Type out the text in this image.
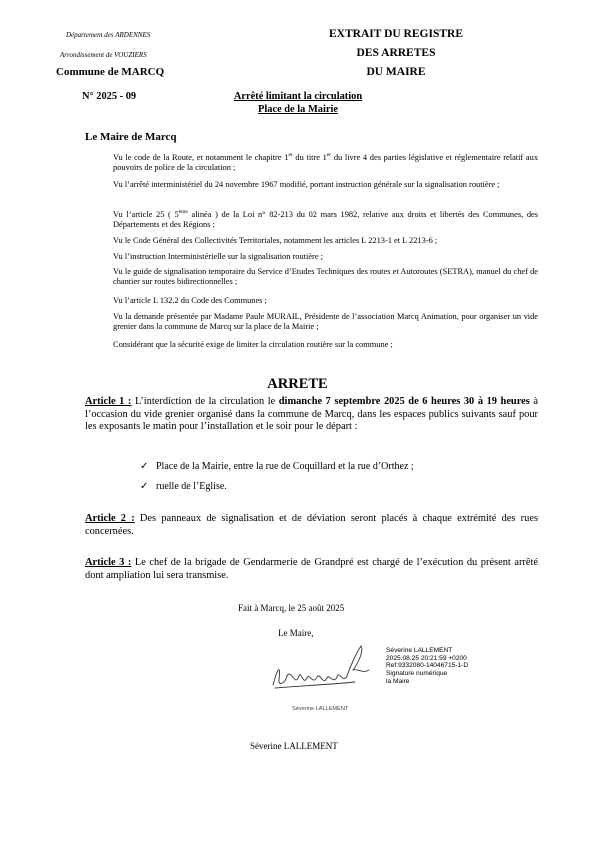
Département des ARDENNES
Arrondissement de VOUZIERS
Commune de MARCQ
EXTRAIT DU REGISTRE
DES ARRETES
DU MAIRE
N° 2025 - 09	Arrêté limitant la circulation
Place de la Mairie
Le Maire de Marcq
Vu le code de la Route, et notamment le chapitre 1er du titre 1er du livre 4 des parties législative et réglementaire relatif aux pouvoirs de police de la circulation ;
Vu l’arrêté interministériel du 24 novembre 1967 modifié, portant instruction générale sur la signalisation routière ;
Vu l’article 25 ( 5ème alinéa ) de la Loi n° 82-213 du 02 mars 1982, relative aux droits et libertés des Communes, des Départements et des Régions ;
Vu le Code Général des Collectivités Territoriales, notamment les articles L 2213-1 et L 2213-6 ;
Vu l’instruction Interministérielle sur la signalisation routière ;
Vu le guide de signalisation temporaire du Service d’Etudes Techniques des routes et Autoroutes (SETRA), manuel du chef de chantier sur routes bidirectionnelles ;
Vu l’article L 132.2 du Code des Communes ;
Vu la demande présentée par Madame Paule MURAIL, Présidente de l’association Marcq Animation, pour organiser un vide grenier dans la commune de Marcq sur la place de la Mairie ;
Considérant que la sécurité exige de limiter la circulation routière sur la commune ;
ARRETE
Article 1 : L’interdiction de la circulation le dimanche 7 septembre 2025 de 6 heures 30 à 19 heures à l’occasion du vide grenier organisé dans la commune de Marcq, dans les espaces publics suivants sauf pour les exposants le matin pour l’installation et le soir pour le départ :
✓ Place de la Mairie, entre la rue de Coquillard et la rue d’Orthez ;
✓ ruelle de l’Eglise.
Article 2 : Des panneaux de signalisation et de déviation seront placés à chaque extrémité des rues concernées.
Article 3 : Le chef de la brigade de Gendarmerie de Grandpré est chargé de l’exécution du présent arrêté dont ampliation lui sera transmise.
Fait à Marcq, le 25 août 2025
Le Maire,
Séverine LALLEMENT
Séverine LALLEMENT
2025.08.25 20:21:59 +0200
Ref:9332080-14046715-1-D
Signature numérique
la Maire
Séverine LALLEMENT
